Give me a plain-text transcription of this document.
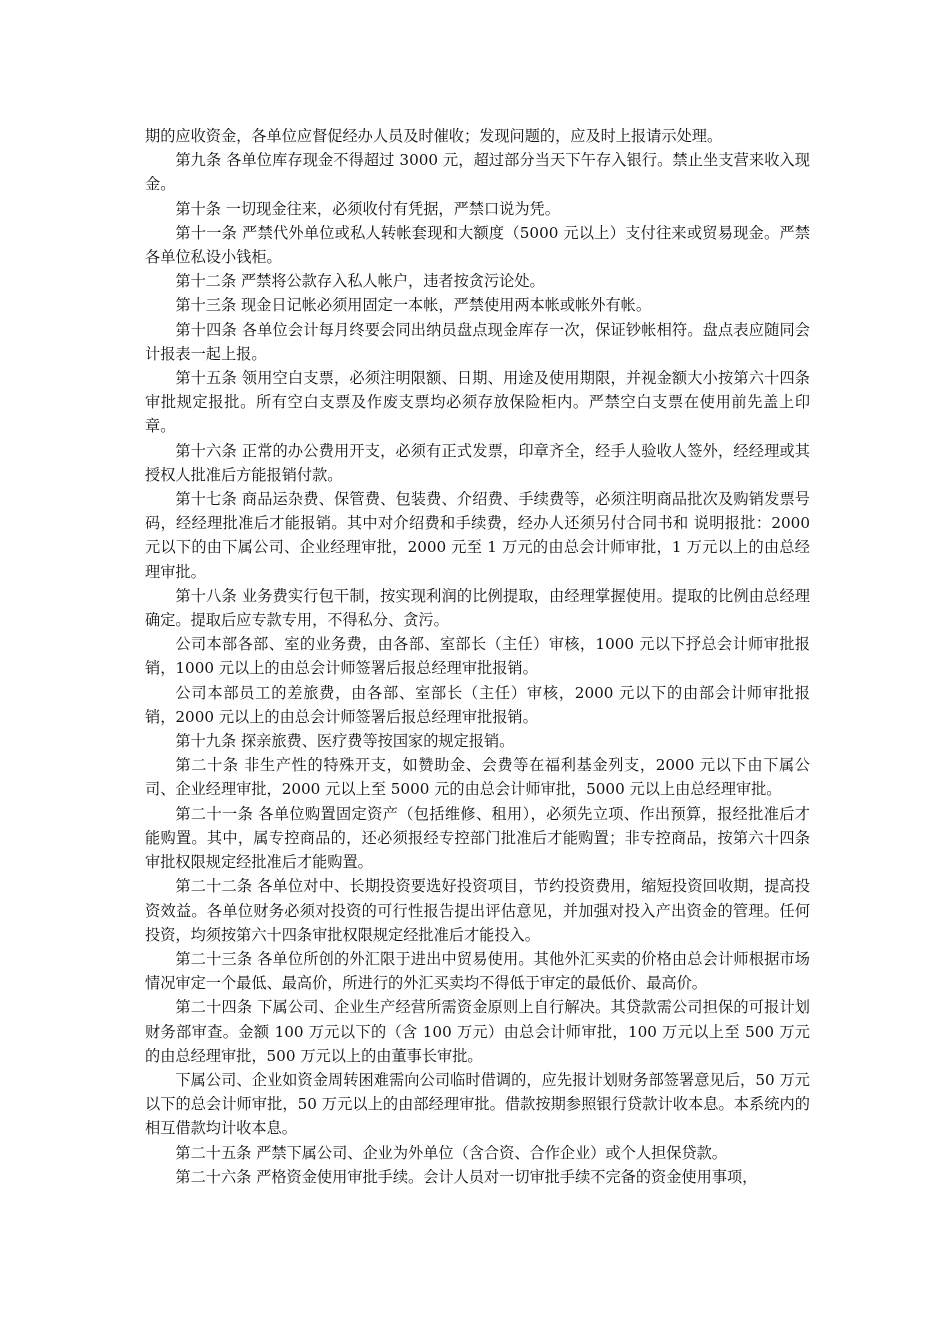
期的应收资金，各单位应督促经办人员及时催收；发现问题的，应及时上报请示处理。

第九条 各单位库存现金不得超过 3000 元，超过部分当天下午存入银行。禁止坐支营来收入现金。

第十条 一切现金往来，必须收付有凭据，严禁口说为凭。

第十一条 严禁代外单位或私人转帐套现和大额度（5000 元以上）支付往来或贸易现金。严禁各单位私设小钱柜。

第十二条 严禁将公款存入私人帐户，违者按贪污论处。

第十三条 现金日记帐必须用固定一本帐，严禁使用两本帐或帐外有帐。

第十四条 各单位会计每月终要会同出纳员盘点现金库存一次，保证钞帐相符。盘点表应随同会计报表一起上报。

第十五条 领用空白支票，必须注明限额、日期、用途及使用期限，并视金额大小按第六十四条审批规定报批。所有空白支票及作废支票均必须存放保险柜内。严禁空白支票在使用前先盖上印章。

第十六条 正常的办公费用开支，必须有正式发票，印章齐全，经手人验收人签外，经经理或其授权人批准后方能报销付款。

第十七条 商品运杂费、保管费、包装费、介绍费、手续费等，必须注明商品批次及购销发票号码，经经理批准后才能报销。其中对介绍费和手续费，经办人还须另付合同书和 说明报批：2000 元以下的由下属公司、企业经理审批，2000 元至 1 万元的由总会计师审批，1 万元以上的由总经理审批。

第十八条 业务费实行包干制，按实现利润的比例提取，由经理掌握使用。提取的比例由总经理确定。提取后应专款专用，不得私分、贪污。

公司本部各部、室的业务费，由各部、室部长（主任）审核，1000 元以下抒总会计师审批报销，1000 元以上的由总会计师签署后报总经理审批报销。

公司本部员工的差旅费，由各部、室部长（主任）审核，2000 元以下的由部会计师审批报销，2000 元以上的由总会计师签署后报总经理审批报销。

第十九条 探亲旅费、医疗费等按国家的规定报销。

第二十条 非生产性的特殊开支，如赞助金、会费等在福利基金列支，2000 元以下由下属公司、企业经理审批，2000 元以上至 5000 元的由总会计师审批，5000 元以上由总经理审批。

第二十一条 各单位购置固定资产（包括维修、租用），必须先立项、作出预算，报经批准后才能购置。其中，属专控商品的，还必须报经专控部门批准后才能购置；非专控商品，按第六十四条审批权限规定经批准后才能购置。

第二十二条 各单位对中、长期投资要选好投资项目，节约投资费用，缩短投资回收期，提高投资效益。各单位财务必须对投资的可行性报告提出评估意见，并加强对投入产出资金的管理。任何投资，均须按第六十四条审批权限规定经批准后才能投入。

第二十三条 各单位所创的外汇限于进出中贸易使用。其他外汇买卖的价格由总会计师根据市场情况审定一个最低、最高价，所进行的外汇买卖均不得低于审定的最低价、最高价。

第二十四条 下属公司、企业生产经营所需资金原则上自行解决。其贷款需公司担保的可报计划财务部审查。金额 100 万元以下的（含 100 万元）由总会计师审批，100 万元以上至 500 万元的由总经理审批，500 万元以上的由董事长审批。

下属公司、企业如资金周转困难需向公司临时借调的，应先报计划财务部签署意见后，50 万元以下的总会计师审批，50 万元以上的由部经理审批。借款按期参照银行贷款计收本息。本系统内的相互借款均计收本息。

第二十五条 严禁下属公司、企业为外单位（含合资、合作企业）或个人担保贷款。

第二十六条 严格资金使用审批手续。会计人员对一切审批手续不完备的资金使用事项，
